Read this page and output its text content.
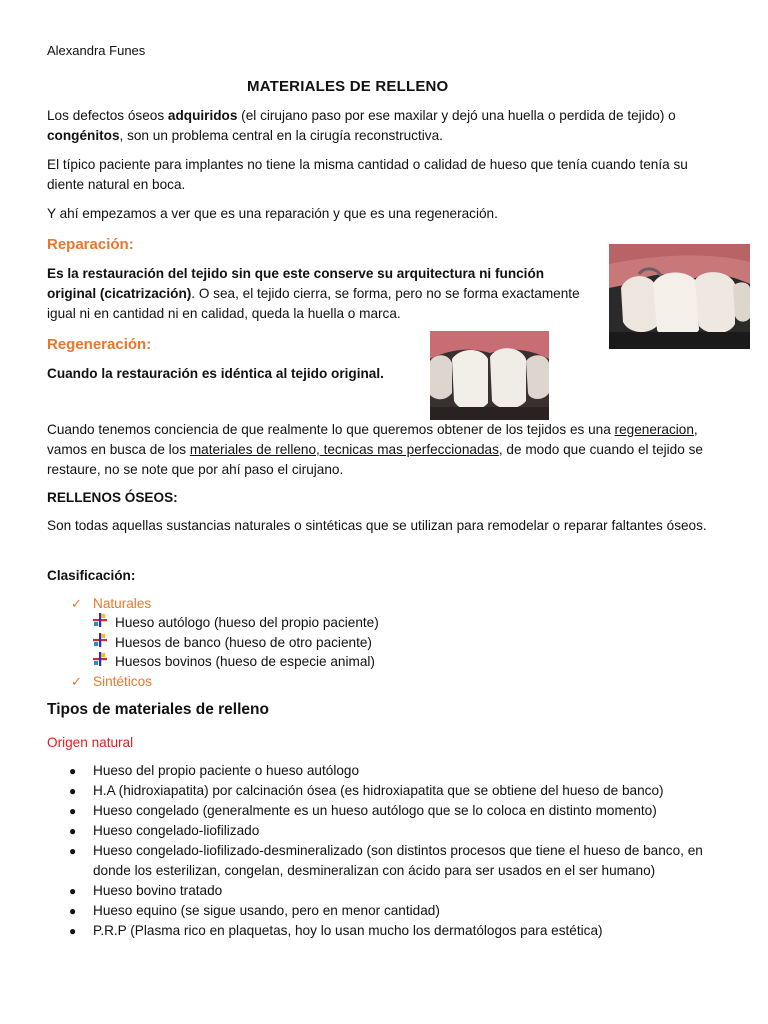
Alexandra Funes

MATERIALES DE RELLENO

Los defectos óseos adquiridos (el cirujano paso por ese maxilar y dejó una huella o perdida de tejido) o congénitos, son un problema central en la cirugía reconstructiva.

El típico paciente para implantes no tiene la misma cantidad o calidad de hueso que tenía cuando tenía su diente natural en boca.

Y ahí empezamos a ver que es una reparación y que es una regeneración.

Reparación:

Es la restauración del tejido sin que este conserve su arquitectura ni función original (cicatrización). O sea, el tejido cierra, se forma, pero no se forma exactamente igual ni en cantidad ni en calidad, queda la huella o marca.

Regeneración:

Cuando la restauración es idéntica al tejido original.

Cuando tenemos conciencia de que realmente lo que queremos obtener de los tejidos es una regeneracion, vamos en busca de los materiales de relleno, tecnicas mas perfeccionadas, de modo que cuando el tejido se restaure, no se note que por ahí paso el cirujano.

RELLENOS ÓSEOS:

Son todas aquellas sustancias naturales o sintéticas que se utilizan para remodelar o reparar faltantes óseos.

Clasificación:

✓ Naturales
Hueso autólogo (hueso del propio paciente)
Huesos de banco (hueso de otro paciente)
Huesos bovinos (hueso de especie animal)
✓ Sintéticos

Tipos de materiales de relleno

Origen natural

●	Hueso del propio paciente o hueso autólogo
●	H.A (hidroxiapatita) por calcinación ósea (es hidroxiapatita que se obtiene del hueso de banco)
●	Hueso congelado (generalmente es un hueso autólogo que se lo coloca en distinto momento)
●	Hueso congelado-liofilizado
●	Hueso congelado-liofilizado-desmineralizado (son distintos procesos que tiene el hueso de banco, en donde los esterilizan, congelan, desmineralizan con ácido para ser usados en el ser humano)
●	Hueso bovino tratado
●	Hueso equino (se sigue usando, pero en menor cantidad)
●	P.R.P (Plasma rico en plaquetas, hoy lo usan mucho los dermatólogos para estética)
